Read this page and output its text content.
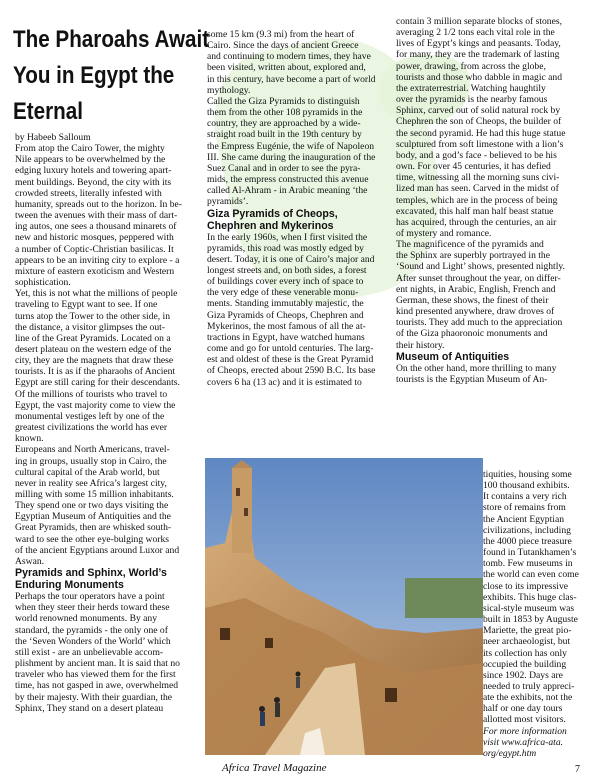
The Pharoahs Await
You in Egypt the
Eternal

by Habeeb Salloum

From atop the Cairo Tower, the mighty

Nile appears to be overwhelmed by the

edging luxury hotels and towering apart-

ment buildings. Beyond, the city with its

crowded streets, literally infested with

humanity, spreads out to the horizon. In be-

tween the avenues with their mass of dart-

ing autos, one sees a thousand minarets of

new and historic mosques, peppered with

a number of Coptic-Christian basilicas. It

appears to be an inviting city to explore - a

mixture of eastern exoticism and Western

sophistication.

Yet, this is not what the millions of people

traveling to Egypt want to see. If one

turns atop the Tower to the other side, in

the distance, a visitor glimpses the out-

line of the Great Pyramids. Located on a

desert plateau on the western edge of the

city, they are the magnets that draw these

tourists. It is as if the pharaohs of Ancient

Egypt are still caring for their descendants.

Of the millions of tourists who travel to

Egypt, the vast majority come to view the

monumental vestiges left by one of the

greatest civilizations the world has ever

known.

Europeans and North Americans, travel-

ing in groups, usually stop in Cairo, the

cultural capital of the Arab world, but

never in reality see Africa’s largest city,

milling with some 15 million inhabitants.

They spend one or two days visiting the

Egyptian Museum of Antiquities and the

Great Pyramids, then are whisked south-

ward to see the other eye-bulging works

of the ancient Egyptians around Luxor and

Aswan.

Pyramids and Sphinx, World’s

Enduring Monuments

Perhaps the tour operators have a point

when they steer their herds toward these

world renowned monuments. By any

standard, the pyramids - the only one of

the ‘Seven Wonders of the World’ which

still exist - are an unbelievable accom-

plishment by ancient man. It is said that no

traveler who has viewed them for the first

time, has not gasped in awe, overwhelmed

by their majesty. With their guardian, the

Sphinx, They stand on a desert plateau

some 15 km (9.3 mi) from the heart of

Cairo. Since the days of ancient Greece

and continuing to modern times, they have

been visited, written about, explored and,

in this century, have become a part of world

mythology.

Called the Giza Pyramids to distinguish

them from the other 108 pyramids in the

country, they are approached by a wide-

straight road built in the 19th century by

the Empress Eugénie, the wife of Napoleon

III. She came during the inauguration of the

Suez Canal and in order to see the pyra-

mids, the empress constructed this avenue

called Al-Ahram - in Arabic meaning ‘the

pyramids’.

Giza Pyramids of Cheops,

Chephren and Mykerinos

In the early 1960s, when I first visited the

pyramids, this road was mostly edged by

desert. Today, it is one of Cairo’s major and

longest streets and, on both sides, a forest

of buildings cover every inch of space to

the very edge of these venerable monu-

ments. Standing immutably majestic, the

Giza Pyramids of Cheops, Chephren and

Mykerinos, the most famous of all the at-

tractions in Egypt, have watched humans

come and go for untold centuries. The larg-

est and oldest of these is the Great Pyramid

of Cheops, erected about 2590 B.C. Its base

covers 6 ha (13 ac) and it is estimated to

contain 3 million separate blocks of stones,

averaging 2 1/2 tons each vital role in the

lives of Egypt’s kings and peasants. Today,

for many, they are the trademark of lasting

power, drawing, from across the globe,

tourists and those who dabble in magic and

the extraterrestrial. Watching haughtily

over the pyramids is the nearby famous

Sphinx, carved out of solid natural rock by

Chephren the son of Cheops, the builder of

the second pyramid. He had this huge statue

sculptured from soft limestone with a lion’s

body, and a god’s face - believed to be his

own. For over 45 centuries, it has defied

time, witnessing all the morning suns civi-

lized man has seen. Carved in the midst of

temples, which are in the process of being

excavated, this half man half beast statue

has acquired, through the centuries, an air

of mystery and romance.

The magnificence of the pyramids and

the Sphinx are superbly portrayed in the

‘Sound and Light’ shows, presented nightly.

After sunset throughout the year, on differ-

ent nights, in Arabic, English, French and

German, these shows, the finest of their

kind presented anywhere, draw droves of

tourists. They add much to the appreciation

of the Giza phaoronoic monuments and

their history.

Museum of Antiquities

On the other hand, more thrilling to many

tourists is the Egyptian Museum of An-

tiquities, housing some

100 thousand exhibits.

It contains a very rich

store of remains from

the Ancient Egyptian

civilizations, including

the 4000 piece treasure

found in Tutankhamen’s

tomb. Few museums in

the world can even come

close to its impressive

exhibits. This huge clas-

sical-style museum was

built in 1853 by Auguste

Mariette, the great pio-

neer archaeologist, but

its collection has only

occupied the building

since 1902. Days are

needed to truly appreci-

ate the exhibits, not the

half or one day tours

allotted most visitors.

For more information

visit www.africa-ata.

org/egypt.htm

Africa Travel Magazine	7
